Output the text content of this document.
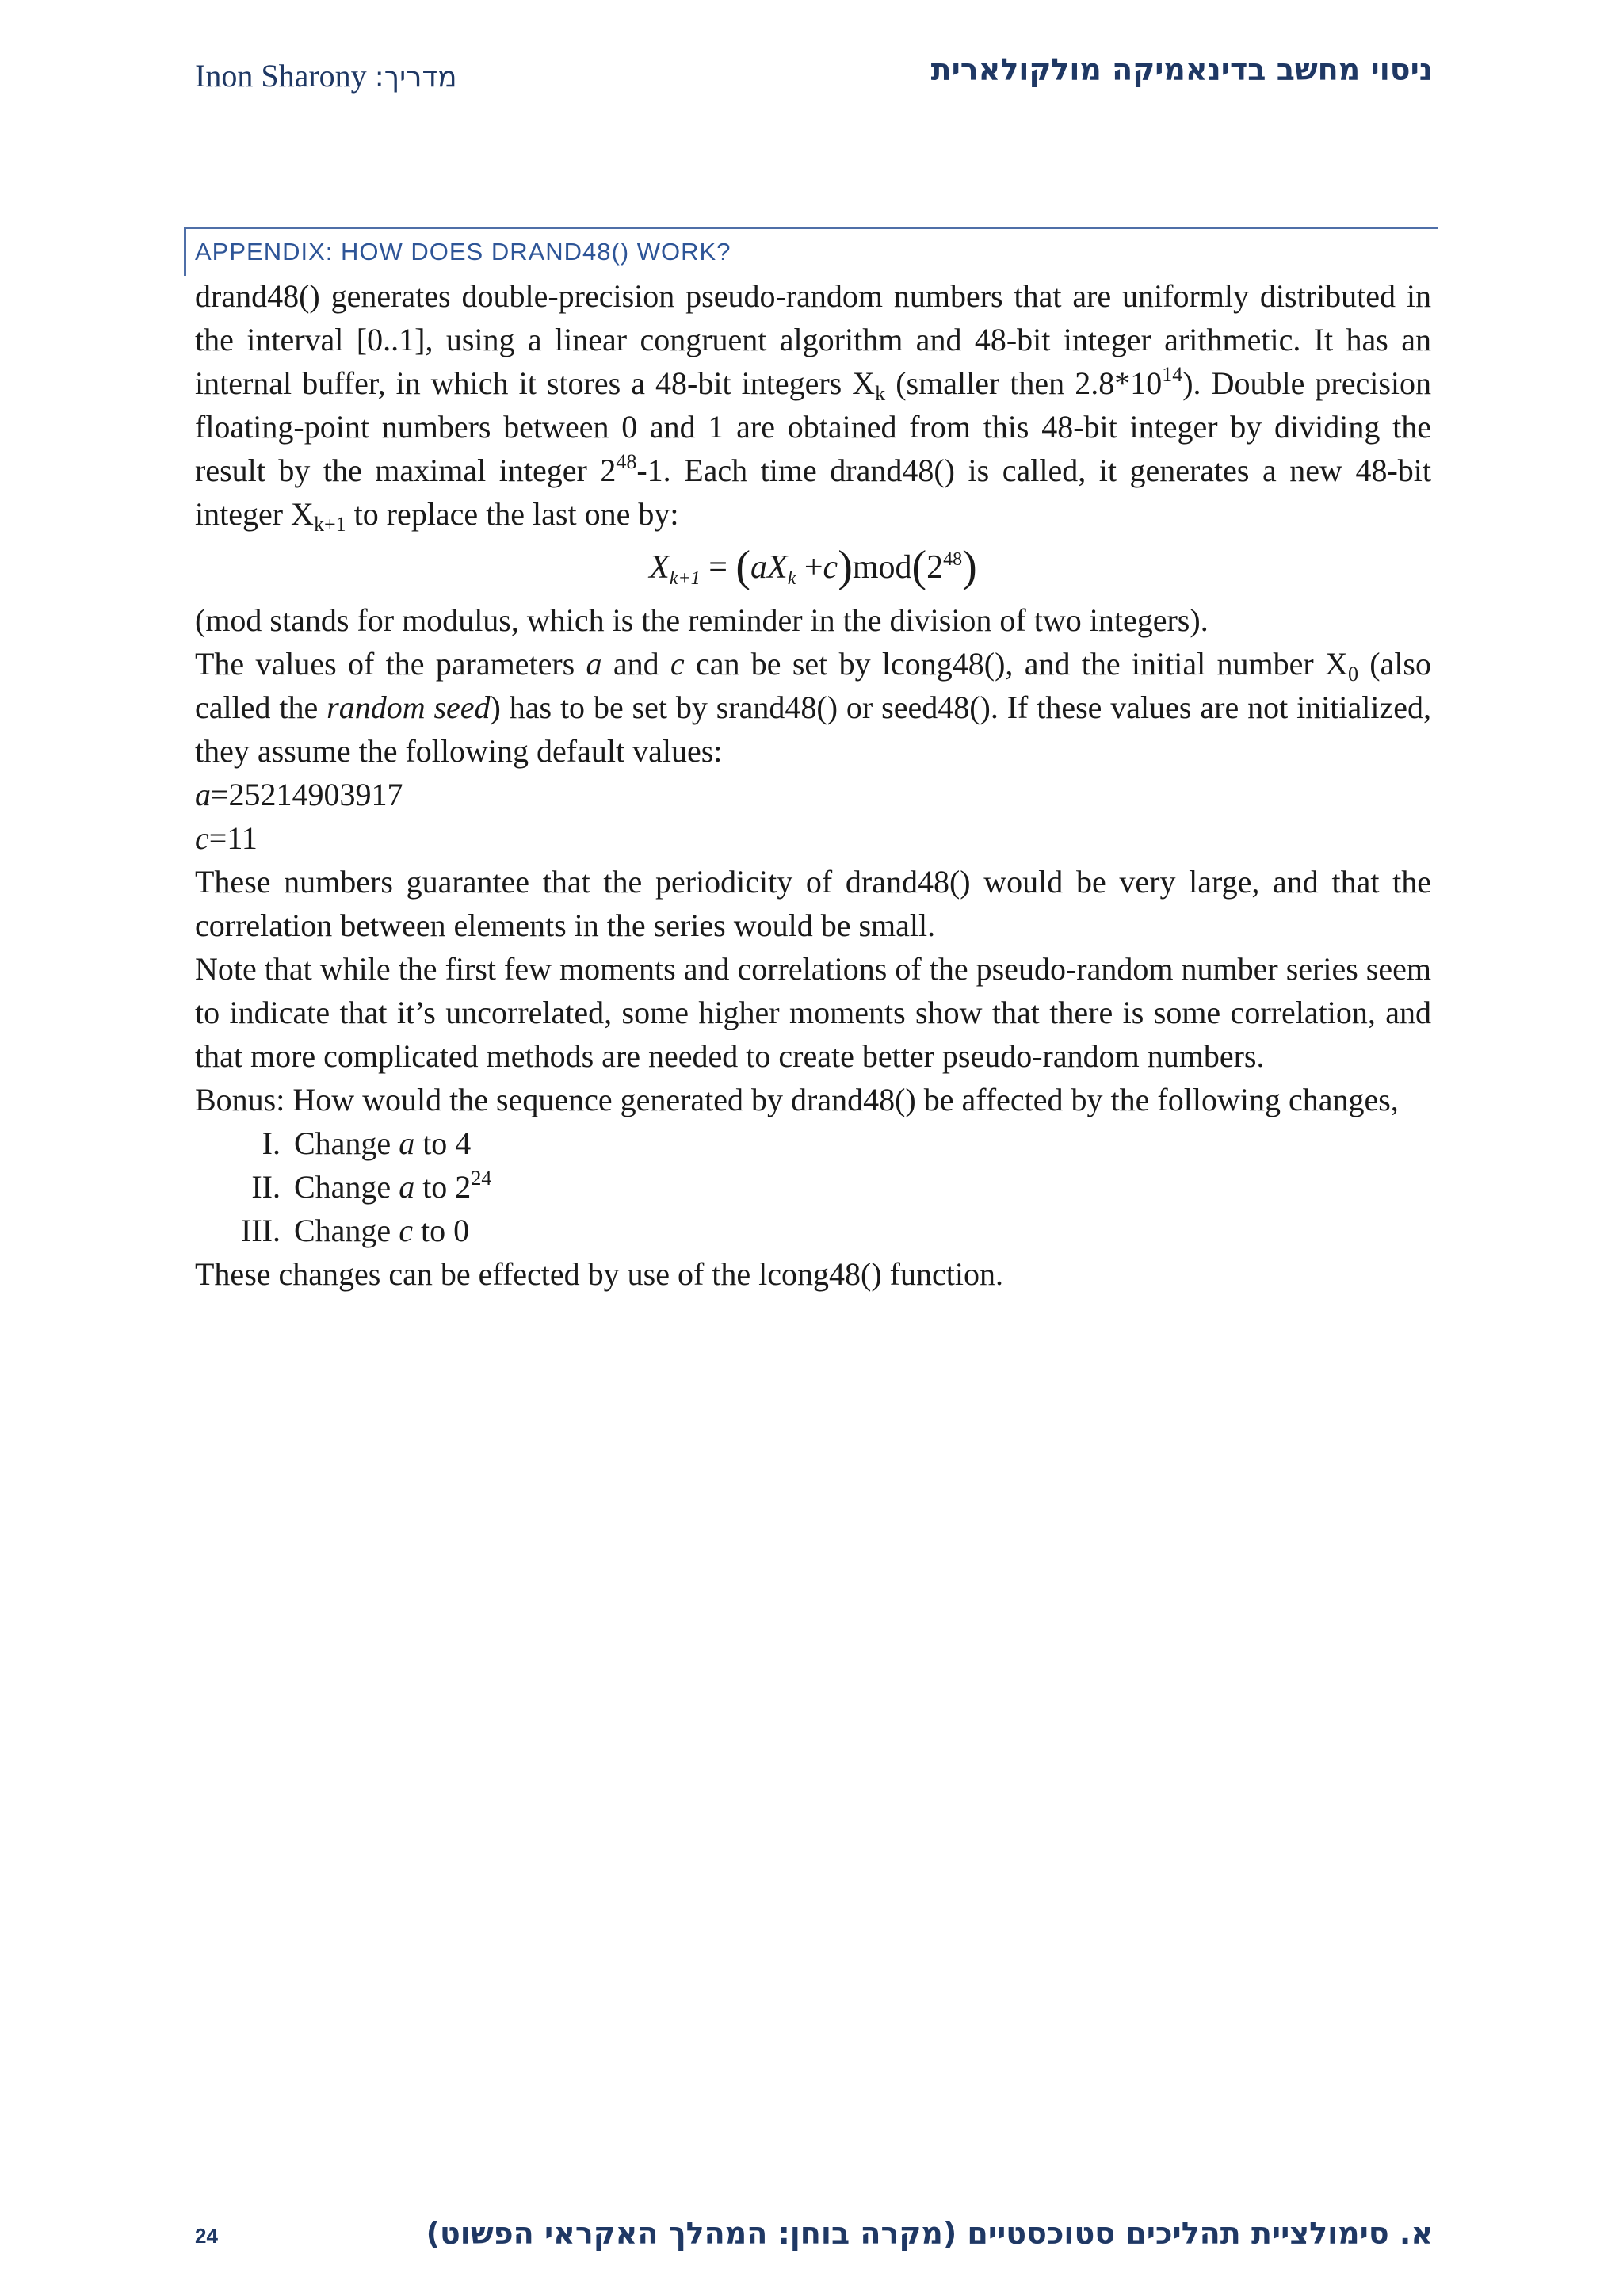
Inon Sharony :מדריך	ניסוי מחשב בדינאמיקה מולקולארית
APPENDIX: HOW DOES DRAND48() WORK?

drand48() generates double-precision pseudo-random numbers that are uniformly distributed in the interval [0..1], using a linear congruent algorithm and 48-bit integer arithmetic. It has an internal buffer, in which it stores a 48-bit integers $X_k$ (smaller then $2.8*10^{14}$). Double precision floating-point numbers between 0 and 1 are obtained from this 48-bit integer by dividing the result by the maximal integer $2^{48}-1$. Each time drand48() is called, it generates a new 48-bit integer $X_{k+1}$ to replace the last one by:

$X_{k+1} = (aX_k +c)mod(2^{48})$

(mod stands for modulus, which is the reminder in the division of two integers).

The values of the parameters a and c can be set by lcong48(), and the initial number $X_0$ (also called the random seed) has to be set by srand48() or seed48(). If these values are not initialized, they assume the following default values:

a=25214903917

c=11

These numbers guarantee that the periodicity of drand48() would be very large, and that the correlation between elements in the series would be small.

Note that while the first few moments and correlations of the pseudo-random number series seem to indicate that it’s uncorrelated, some higher moments show that there is some correlation, and that more complicated methods are needed to create better pseudo-random numbers.

Bonus: How would the sequence generated by drand48() be affected by the following changes,

I. Change a to 4
II. Change a to $2^{24}$
III. Change c to 0

These changes can be effected by use of the lcong48() function.

24	א. סימולציית תהליכים סטוכסטיים (מקרה בוחן: המהלך האקראי הפשוט)
